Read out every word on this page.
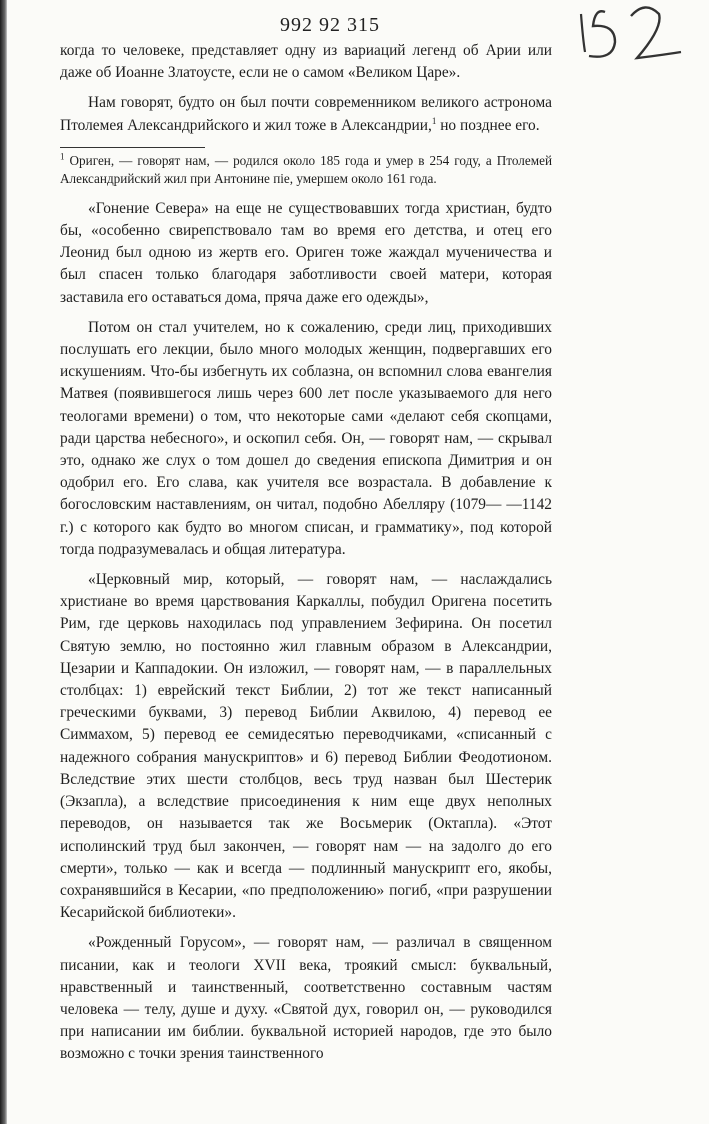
992 92 315

когда то человеке, представляет одну из вариаций легенд об Арии или даже об Иоанне Златоусте, если не о самом «Великом Царе».

Нам говорят, будто он был почти современником великого астронома Птолемея Александрийского и жил тоже в Александрии,$^1$ но позднее его.

$^1$ Ориген, — говорят нам, — родился около 185 года и умер в 254 году, а Птолемей Александрийский жил при Антонине піе, умершем около 161 года.

«Гонение Севера» на еще не существовавших тогда христиан, будто бы, «особенно свирепствовало там во время его детства, и отец его Леонид был одною из жертв его. Ориген тоже жаждал мученичества и был спасен только благодаря заботливости своей матери, которая заставила его оставаться дома, пряча даже его одежды»,

Потом он стал учителем, но к сожалению, среди лиц, приходивших послушать его лекции, было много молодых женщин, подвергавших его искушениям. Что-бы избегнуть их соблазна, он вспомнил слова евангелия Матвея (появившегося лишь через 600 лет после указываемого для него теологами времени) о том, что некоторые сами «делают себя скопцами, ради царства небесного», и оскопил себя. Он, — говорят нам, — скрывал это, однако же слух о том дошел до сведения епископа Димитрия и он одобрил его. Его слава, как учителя все возрастала. В добавление к богословским наставлениям, он читал, подобно Абелляру (1079— —1142 г.) с которого как будто во многом списан, и грамматику», под которой тогда подразумевалась и общая литература.

«Церковный мир, который, — говорят нам, — наслаждались христиане во время царствования Каркаллы, побудил Оригена посетить Рим, где церковь находилась под управлением Зефирина. Он посетил Святую землю, но постоянно жил главным образом в Александрии, Цезарии и Каппадокии. Он изложил, — говорят нам, — в параллельных столбцах: 1) еврейский текст Библии, 2) тот же текст написанный греческими буквами, 3) перевод Библии Аквилою, 4) перевод ее Симмахом, 5) перевод ее семидесятью переводчиками, «списанный с надежного собрания манускриптов» и 6) перевод Библии Феодотионом. Вследствие этих шести столбцов, весь труд назван был Шестерик (Экзапла), а вследствие присоединения к ним еще двух неполных переводов, он называется так же Восьмерик (Октапла). «Этот исполинский труд был закончен, — говорят нам — на задолго до его смерти», только — как и всегда — подлинный манускрипт его, якобы, сохранявшийся в Кесарии, «по предположению» погиб, «при разрушении Кесарийской библиотеки».

«Рожденный Горусом», — говорят нам, — различал в священном писании, как и теологи XVII века, троякий смысл: буквальный, нравственный и таинственный, соответственно составным частям человека — телу, душе и духу. «Святой дух, говорил он, — руководился при написании им библии. буквальной историей народов, где это было возможно с точки зрения таинственного
